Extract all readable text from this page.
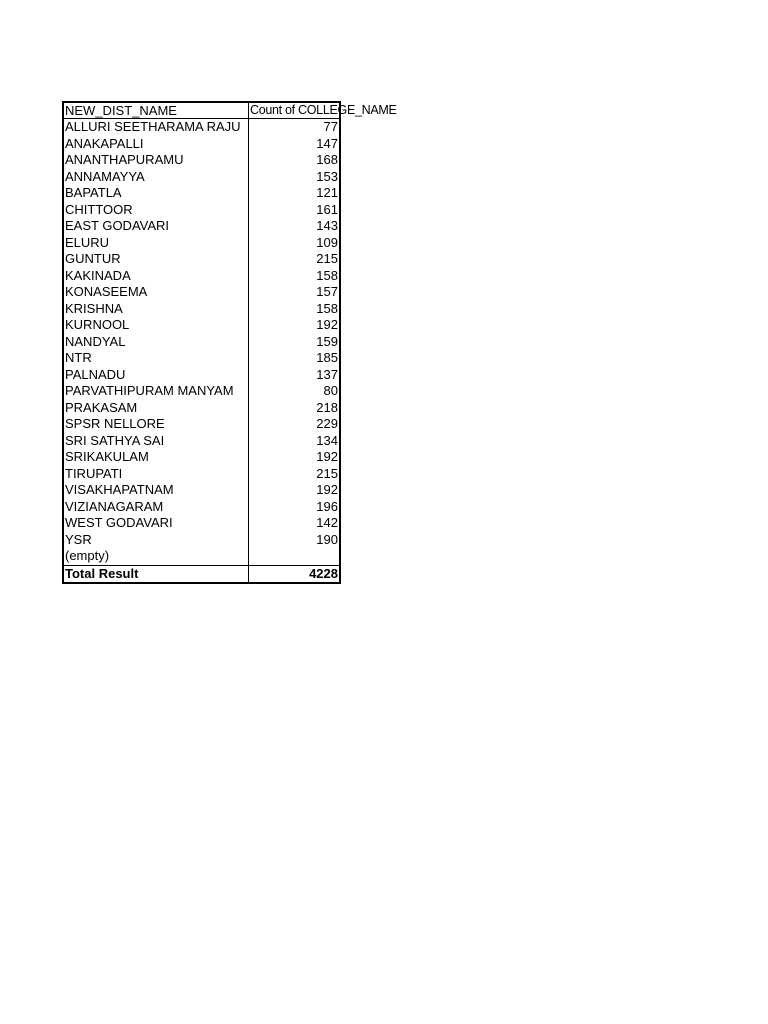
NEW_DIST_NAME	Count of COLLEGE_NAME
ALLURI SEETHARAMA RAJU	77
ANAKAPALLI	147
ANANTHAPURAMU	168
ANNAMAYYA	153
BAPATLA	121
CHITTOOR	161
EAST GODAVARI	143
ELURU	109
GUNTUR	215
KAKINADA	158
KONASEEMA	157
KRISHNA	158
KURNOOL	192
NANDYAL	159
NTR	185
PALNADU	137
PARVATHIPURAM MANYAM	80
PRAKASAM	218
SPSR NELLORE	229
SRI SATHYA SAI	134
SRIKAKULAM	192
TIRUPATI	215
VISAKHAPATNAM	192
VIZIANAGARAM	196
WEST GODAVARI	142
YSR	190
(empty)
Total Result	4228
